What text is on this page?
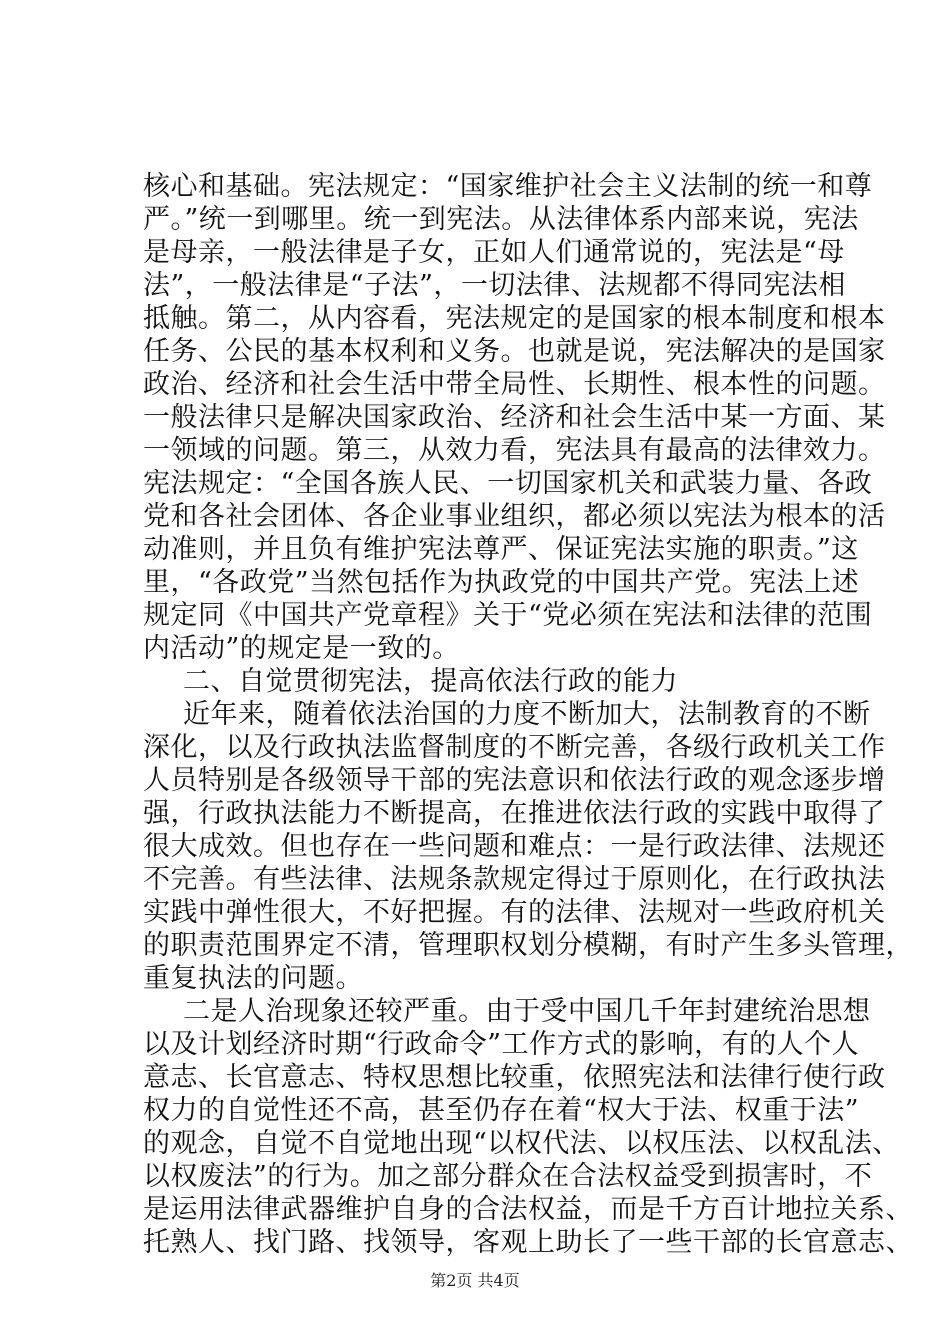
核心和基础。宪法规定：“国家维护社会主义法制的统一和尊
严。”统一到哪里。统一到宪法。从法律体系内部来说，宪法
是母亲，一般法律是子女，正如人们通常说的，宪法是“母
法”，一般法律是“子法”，一切法律、法规都不得同宪法相
抵触。第二，从内容看，宪法规定的是国家的根本制度和根本
任务、公民的基本权利和义务。也就是说，宪法解决的是国家
政治、经济和社会生活中带全局性、长期性、根本性的问题。
一般法律只是解决国家政治、经济和社会生活中某一方面、某
一领域的问题。第三，从效力看，宪法具有最高的法律效力。
宪法规定：“全国各族人民、一切国家机关和武装力量、各政
党和各社会团体、各企业事业组织，都必须以宪法为根本的活
动准则，并且负有维护宪法尊严、保证宪法实施的职责。”这
里，“各政党”当然包括作为执政党的中国共产党。宪法上述
规定同《中国共产党章程》关于“党必须在宪法和法律的范围
内活动”的规定是一致的。

二、自觉贯彻宪法，提高依法行政的能力

近年来，随着依法治国的力度不断加大，法制教育的不断
深化，以及行政执法监督制度的不断完善，各级行政机关工作
人员特别是各级领导干部的宪法意识和依法行政的观念逐步增
强，行政执法能力不断提高，在推进依法行政的实践中取得了
很大成效。但也存在一些问题和难点：一是行政法律、法规还
不完善。有些法律、法规条款规定得过于原则化，在行政执法
实践中弹性很大，不好把握。有的法律、法规对一些政府机关
的职责范围界定不清，管理职权划分模糊，有时产生多头管理，
重复执法的问题。

二是人治现象还较严重。由于受中国几千年封建统治思想
以及计划经济时期“行政命令”工作方式的影响，有的人个人
意志、长官意志、特权思想比较重，依照宪法和法律行使行政
权力的自觉性还不高，甚至仍存在着“权大于法、权重于法”
的观念，自觉不自觉地出现“以权代法、以权压法、以权乱法、
以权废法”的行为。加之部分群众在合法权益受到损害时，不
是运用法律武器维护自身的合法权益，而是千方百计地拉关系、
托熟人、找门路、找领导，客观上助长了一些干部的长官意志、

第2页 共4页
